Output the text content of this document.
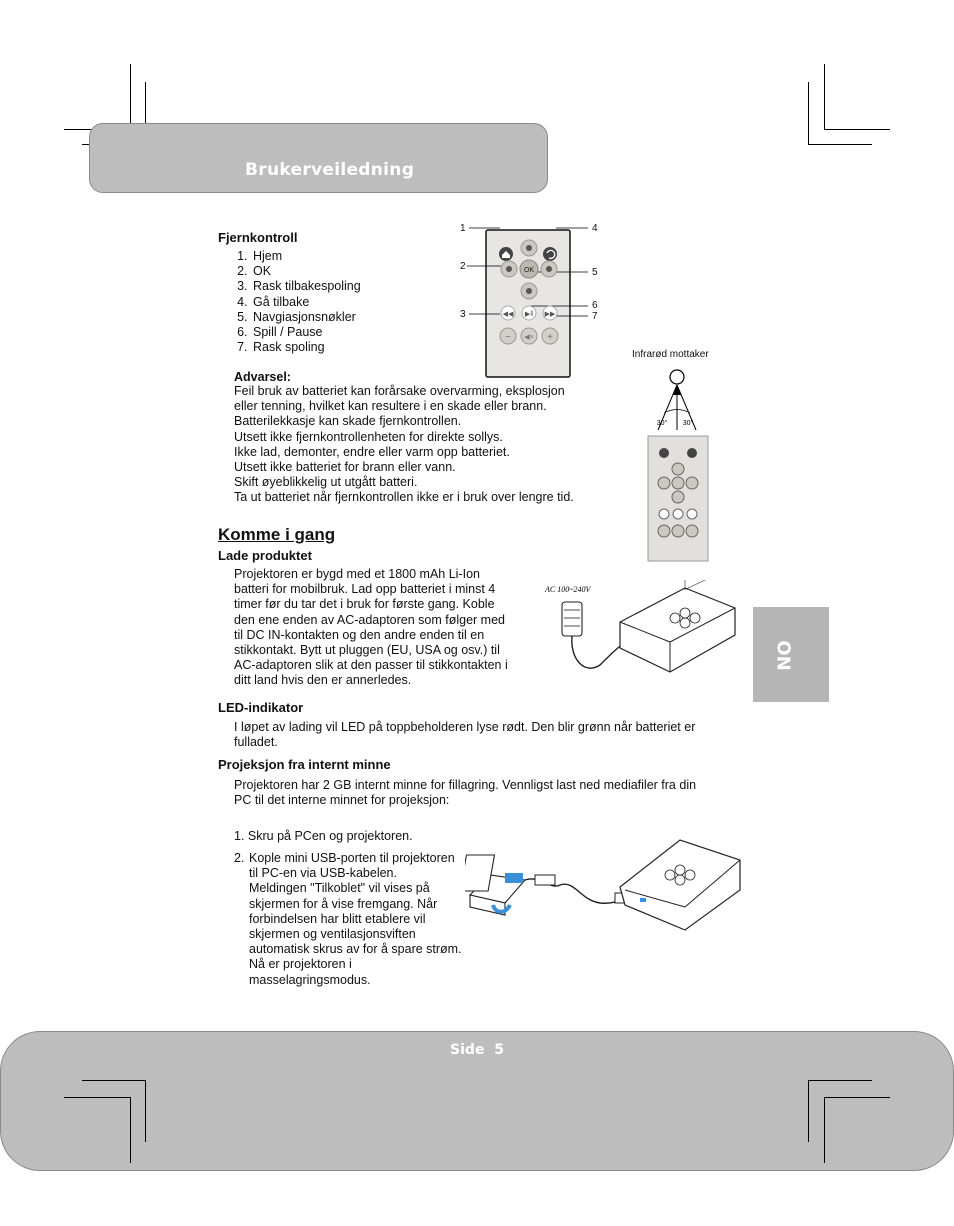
Brukerveiledning
Fjernkontroll
1. Hjem
2. OK
3. Rask tilbakespoling
4. Gå tilbake
5. Navgiasjonsnøkler
6. Spill / Pause
7. Rask spoling
OK
◀◀ ▶‖ ▶▶
− ◀× +
1
2
3
4
5
6
7
Advarsel:

Feil bruk av batteriet kan forårsake overvarming, eksplosjon

eller tenning, hvilket kan resultere i en skade eller brann.

Batterilekkasje kan skade fjernkontrollen.

Utsett ikke fjernkontrollenheten for direkte sollys.

Ikke lad, demonter, endre eller varm opp batteriet.

Utsett ikke batteriet for brann eller vann.

Skift øyeblikkelig ut utgått batteri.

Ta ut batteriet når fjernkontrollen ikke er i bruk over lengre tid.

Infrarød mottaker
30° 30°
Komme i gang
Lade produktet
Projektoren er bygd med et 1800 mAh Li-Ion
batteri for mobilbruk. Lad opp batteriet i minst 4
timer før du tar det i bruk for første gang. Koble
den ene enden av AC-adaptoren som følger med
til DC IN-kontakten og den andre enden til en
stikkontakt. Bytt ut pluggen (EU, USA og osv.) til
AC-adaptoren slik at den passer til stikkontakten i
ditt land hvis den er annerledes.
AC 100~240V
LED-indikator
I løpet av lading vil LED på toppbeholderen lyse rødt. Den blir grønn når batteriet er
fulladet.
Projeksjon fra internt minne
Projektoren har 2 GB internt minne for fillagring. Vennligst last ned mediafiler fra din
PC til det interne minnet for projeksjon:
1. Skru på PCen og projektoren.
2. Kople mini USB-porten til projektoren
til PC-en via USB-kabelen.
Meldingen "Tilkoblet" vil vises på
skjermen for å vise fremgang. Når
forbindelsen har blitt etablere vil
skjermen og ventilasjonsviften
automatisk skrus av for å spare strøm.
Nå er projektoren i
masselagringsmodus.
NO
Side  5
